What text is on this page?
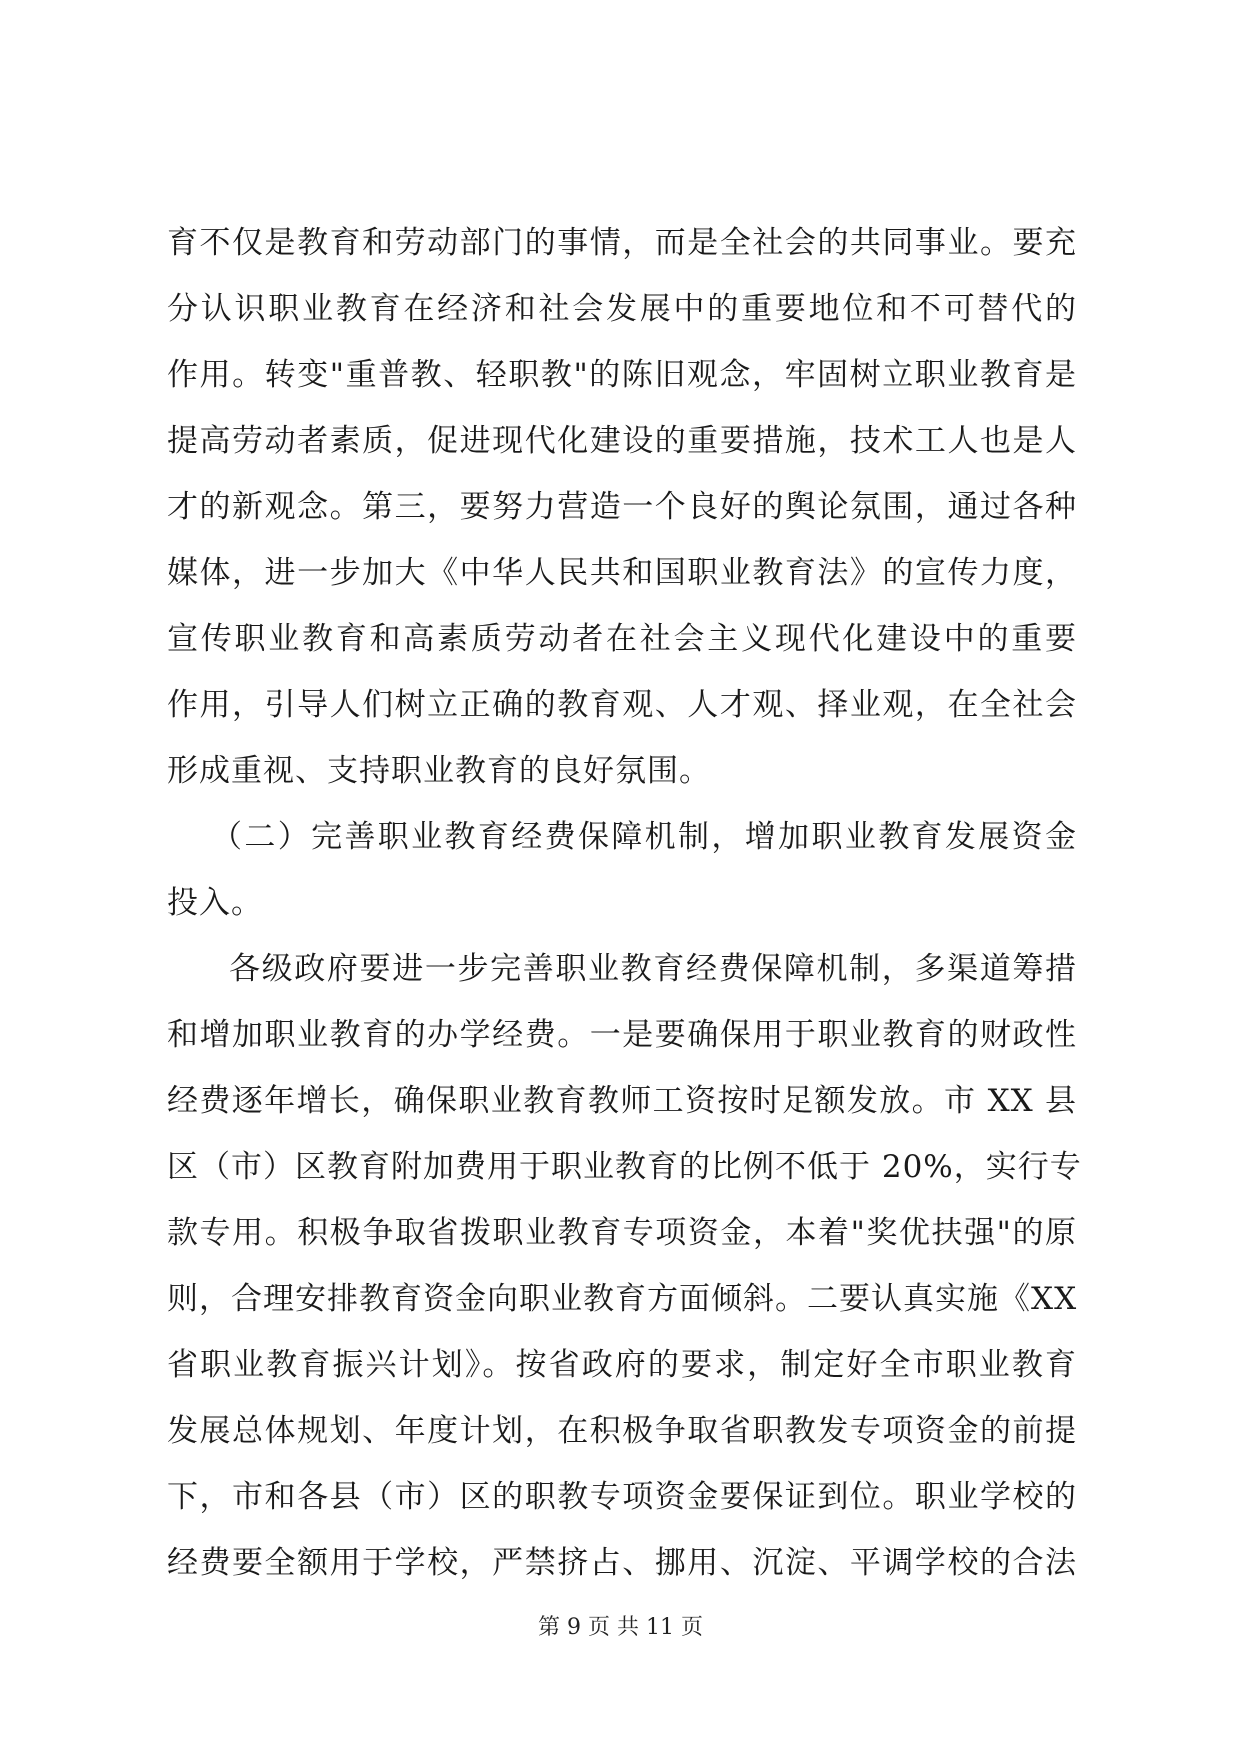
育不仅是教育和劳动部门的事情，而是全社会的共同事业。要充
分认识职业教育在经济和社会发展中的重要地位和不可替代的
作用。转变"重普教、轻职教"的陈旧观念，牢固树立职业教育是
提高劳动者素质，促进现代化建设的重要措施，技术工人也是人
才的新观念。第三，要努力营造一个良好的舆论氛围，通过各种
媒体，进一步加大《中华人民共和国职业教育法》的宣传力度，
宣传职业教育和高素质劳动者在社会主义现代化建设中的重要
作用，引导人们树立正确的教育观、人才观、择业观，在全社会
形成重视、支持职业教育的良好氛围。
（二）完善职业教育经费保障机制，增加职业教育发展资金
投入。
各级政府要进一步完善职业教育经费保障机制，多渠道筹措
和增加职业教育的办学经费。一是要确保用于职业教育的财政性
经费逐年增长，确保职业教育教师工资按时足额发放。市 XX 县
区（市）区教育附加费用于职业教育的比例不低于 20%，实行专
款专用。积极争取省拨职业教育专项资金，本着"奖优扶强"的原
则，合理安排教育资金向职业教育方面倾斜。二要认真实施《XX
省职业教育振兴计划》。按省政府的要求，制定好全市职业教育
发展总体规划、年度计划，在积极争取省职教发专项资金的前提
下，市和各县（市）区的职教专项资金要保证到位。职业学校的
经费要全额用于学校，严禁挤占、挪用、沉淀、平调学校的合法
第 9 页 共 11 页
